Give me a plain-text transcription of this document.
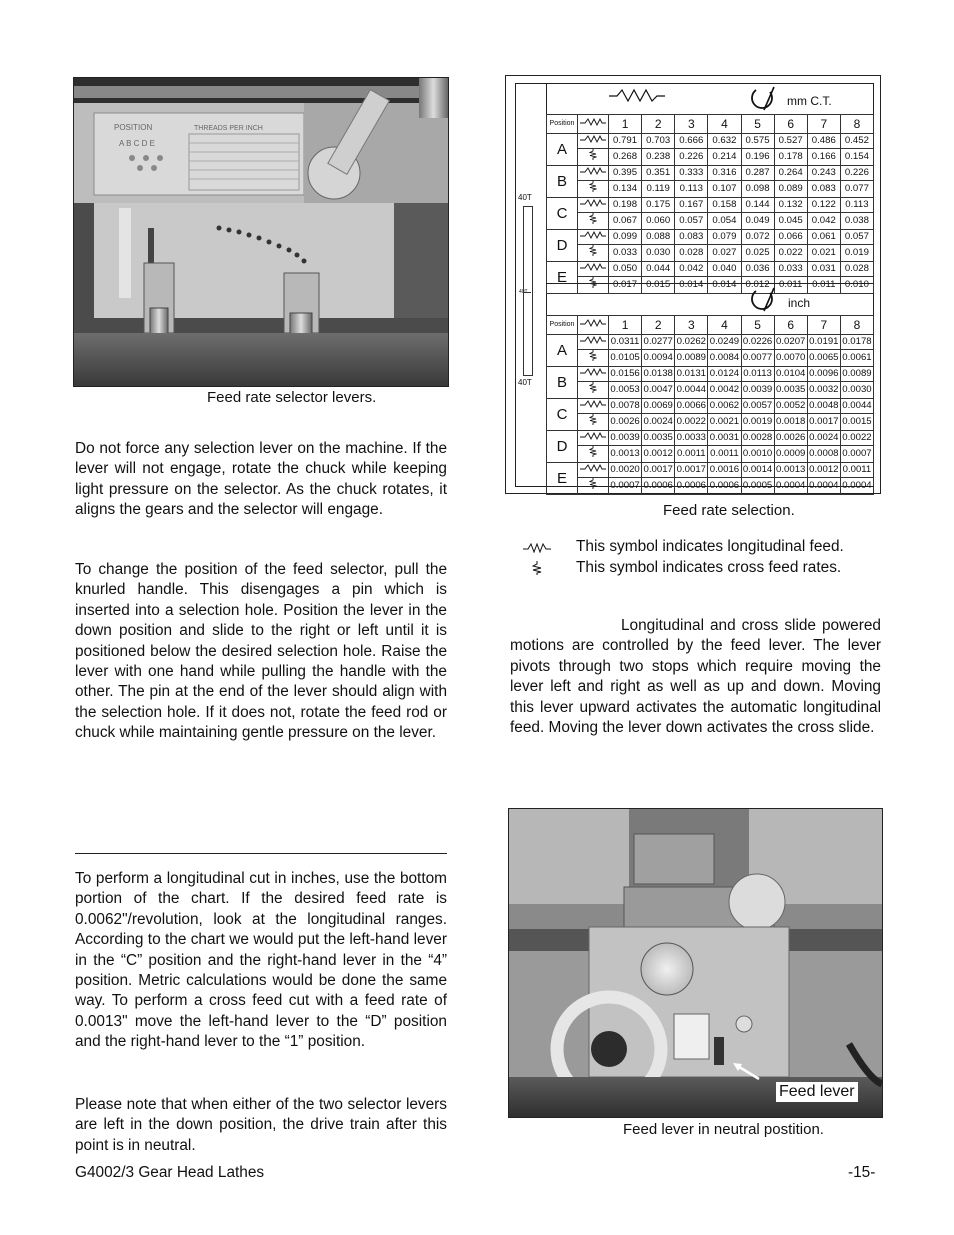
POSITION
A B C D E
THREADS PER INCH
Feed rate selector levers.
Do not force any selection lever on the machine. If the lever will not engage, rotate the chuck while keeping light pressure on the selector. As the chuck rotates, it aligns the gears and the selector will engage.
To change the position of the feed selector, pull the knurled handle. This disengages a pin which is inserted into a selection hole. Position the lever in the down position and slide to the right or left until it is positioned below the desired selection hole. Raise the lever with one hand while pulling the handle with the other. The pin at the end of the lever should align with the selection hole. If it does not, rotate the feed rod or chuck while maintaining gentle pressure on the lever.
To perform a longitudinal cut in inches, use the bottom portion of the chart. If the desired feed rate is 0.0062"/revolution, look at the longitudinal ranges. According to the chart we would put the left-hand lever in the “C” position and the right-hand lever in the “4” position. Metric calculations would be done the same way. To perform a cross feed cut with a feed rate of 0.0013" move the left-hand lever to the “D” position and the right-hand lever to the “1” position.
Please note that when either of the two selector levers are left in the down position, the drive train after this point is in neutral.
40T
40T
40T
mm C.T.
Position		1	2	3	4	5	6	7	8
A		0.791	0.703	0.666	0.632	0.575	0.527	0.486	0.452
	0.268	0.238	0.226	0.214	0.196	0.178	0.166	0.154
B		0.395	0.351	0.333	0.316	0.287	0.264	0.243	0.226
	0.134	0.119	0.113	0.107	0.098	0.089	0.083	0.077
C		0.198	0.175	0.167	0.158	0.144	0.132	0.122	0.113
	0.067	0.060	0.057	0.054	0.049	0.045	0.042	0.038
D		0.099	0.088	0.083	0.079	0.072	0.066	0.061	0.057
	0.033	0.030	0.028	0.027	0.025	0.022	0.021	0.019
E		0.050	0.044	0.042	0.040	0.036	0.033	0.031	0.028
	0.017	0.015	0.014	0.014	0.012	0.011	0.011	0.010
inch
Position		1	2	3	4	5	6	7	8
A		0.0311	0.0277	0.0262	0.0249	0.0226	0.0207	0.0191	0.0178
	0.0105	0.0094	0.0089	0.0084	0.0077	0.0070	0.0065	0.0061
B		0.0156	0.0138	0.0131	0.0124	0.0113	0.0104	0.0096	0.0089
	0.0053	0.0047	0.0044	0.0042	0.0039	0.0035	0.0032	0.0030
C		0.0078	0.0069	0.0066	0.0062	0.0057	0.0052	0.0048	0.0044
	0.0026	0.0024	0.0022	0.0021	0.0019	0.0018	0.0017	0.0015
D		0.0039	0.0035	0.0033	0.0031	0.0028	0.0026	0.0024	0.0022
	0.0013	0.0012	0.0011	0.0011	0.0010	0.0009	0.0008	0.0007
E		0.0020	0.0017	0.0017	0.0016	0.0014	0.0013	0.0012	0.0011
	0.0007	0.0006	0.0006	0.0006	0.0005	0.0004	0.0004	0.0004
Feed rate selection.
This symbol indicates longitudinal feed.
This symbol indicates cross feed rates.
Longitudinal and cross slide powered motions are controlled by the feed lever. The lever pivots through two stops which require moving the lever left and right as well as up and down. Moving this lever upward activates the automatic longitudinal feed. Moving the lever down activates the cross slide.
Feed lever
Feed lever in neutral postition.
G4002/3 Gear Head Lathes	-15-
